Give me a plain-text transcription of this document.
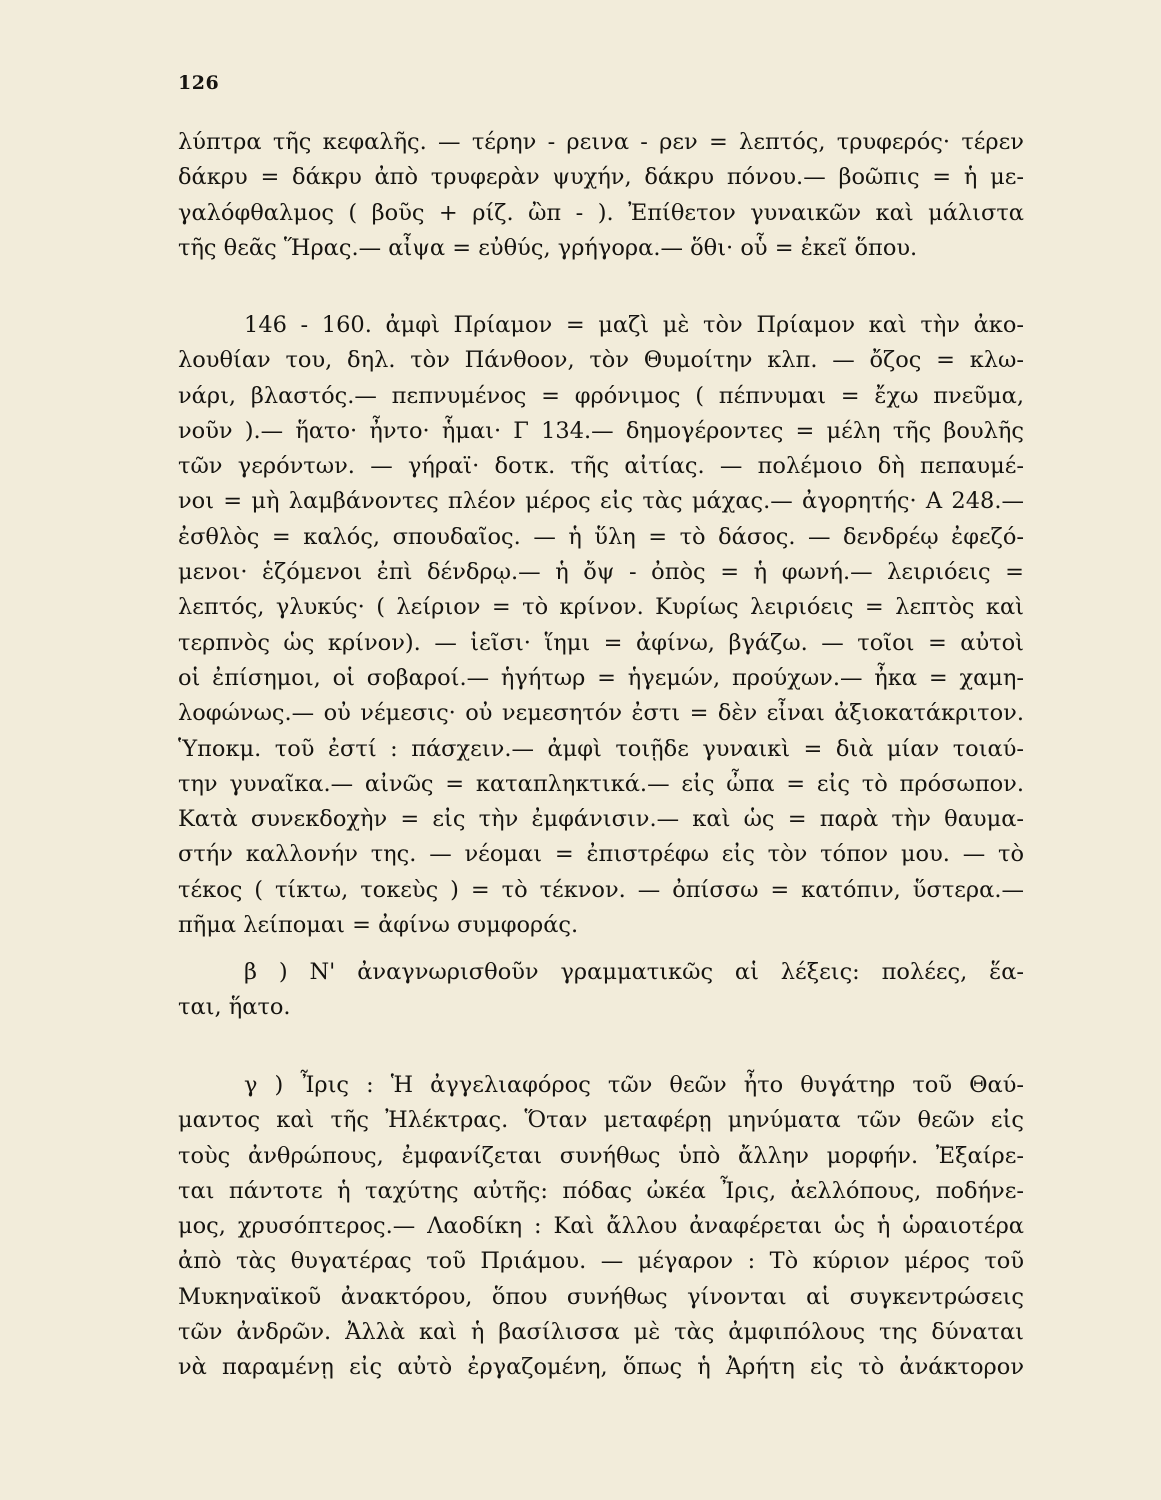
126
λύπτρα τῆς κεφαλῆς. — τέρην - ρεινα - ρεν = λεπτός, τρυφερός· τέρεν
δάκρυ = δάκρυ ἀπὸ τρυφερὰν ψυχήν, δάκρυ πόνου.— βοῶπις = ἡ με-
γαλόφθαλμος ( βοῦς + ρίζ. ὢπ - ). Ἐπίθετον γυναικῶν καὶ μάλιστα
τῆς θεᾶς Ἥρας.— αἶψα = εὐθύς, γρήγορα.— ὅθι· οὗ = ἐκεῖ ὅπου.
146 - 160. ἀμφὶ Πρίαμον = μαζὶ μὲ τὸν Πρίαμον καὶ τὴν ἀκο-
λουθίαν του, δηλ. τὸν Πάνθοον, τὸν Θυμοίτην κλπ. — ὄζος = κλω-
νάρι, βλαστός.— πεπνυμένος = φρόνιμος ( πέπνυμαι = ἔχω πνεῦμα,
νοῦν ).— ἥατο· ἦντο· ἧμαι· Γ 134.— δημογέροντες = μέλη τῆς βουλῆς
τῶν γερόντων. — γήραϊ· δοτκ. τῆς αἰτίας. — πολέμοιο δὴ πεπαυμέ-
νοι = μὴ λαμβάνοντες πλέον μέρος εἰς τὰς μάχας.— ἀγορητής· Α 248.—
ἐσθλὸς = καλός, σπουδαῖος. — ἡ ὕλη = τὸ δάσος. — δενδρέῳ ἐφεζό-
μενοι· ἑζόμενοι ἐπὶ δένδρῳ.— ἡ ὄψ - ὀπὸς = ἡ φωνή.— λειριόεις =
λεπτός, γλυκύς· ( λείριον = τὸ κρίνον. Κυρίως λειριόεις = λεπτὸς καὶ
τερπνὸς ὡς κρίνον). — ἱεῖσι· ἵημι = ἀφίνω, βγάζω. — τοῖοι = αὐτοὶ
οἱ ἐπίσημοι, οἱ σοβαροί.— ἡγήτωρ = ἡγεμών, προύχων.— ἦκα = χαμη-
λοφώνως.— οὐ νέμεσις· οὐ νεμεσητόν ἐστι = δὲν εἶναι ἀξιοκατάκριτον.
Ὑποκμ. τοῦ ἐστί : πάσχειν.— ἀμφὶ τοιῇδε γυναικὶ = διὰ μίαν τοιαύ-
την γυναῖκα.— αἰνῶς = καταπληκτικά.— εἰς ὦπα = εἰς τὸ πρόσωπον.
Κατὰ συνεκδοχὴν = εἰς τὴν ἐμφάνισιν.— καὶ ὡς = παρὰ τὴν θαυμα-
στήν καλλονήν της. — νέομαι = ἐπιστρέφω εἰς τὸν τόπον μου. — τὸ
τέκος ( τίκτω, τοκεὺς ) = τὸ τέκνον. — ὀπίσσω = κατόπιν, ὕστερα.—
πῆμα λείπομαι = ἀφίνω συμφοράς.
β ) Ν' ἀναγνωρισθοῦν γραμματικῶς αἱ λέξεις: πολέες, ἕα-
ται, ἥατο.
γ ) Ἶρις : Ἡ ἀγγελιαφόρος τῶν θεῶν ἦτο θυγάτηρ τοῦ Θαύ-
μαντος καὶ τῆς Ἠλέκτρας. Ὅταν μεταφέρῃ μηνύματα τῶν θεῶν εἰς
τοὺς ἀνθρώπους, ἐμφανίζεται συνήθως ὑπὸ ἄλλην μορφήν. Ἐξαίρε-
ται πάντοτε ἡ ταχύτης αὐτῆς: πόδας ὠκέα Ἶρις, ἀελλόπους, ποδήνε-
μος, χρυσόπτερος.— Λαοδίκη : Καὶ ἄλλου ἀναφέρεται ὡς ἡ ὡραιοτέρα
ἀπὸ τὰς θυγατέρας τοῦ Πριάμου. — μέγαρον : Τὸ κύριον μέρος τοῦ
Μυκηναϊκοῦ ἀνακτόρου, ὅπου συνήθως γίνονται αἱ συγκεντρώσεις
τῶν ἀνδρῶν. Ἀλλὰ καὶ ἡ βασίλισσα μὲ τὰς ἀμφιπόλους της δύναται
νὰ παραμένῃ εἰς αὐτὸ ἐργαζομένη, ὅπως ἡ Ἀρήτη εἰς τὸ ἀνάκτορον
